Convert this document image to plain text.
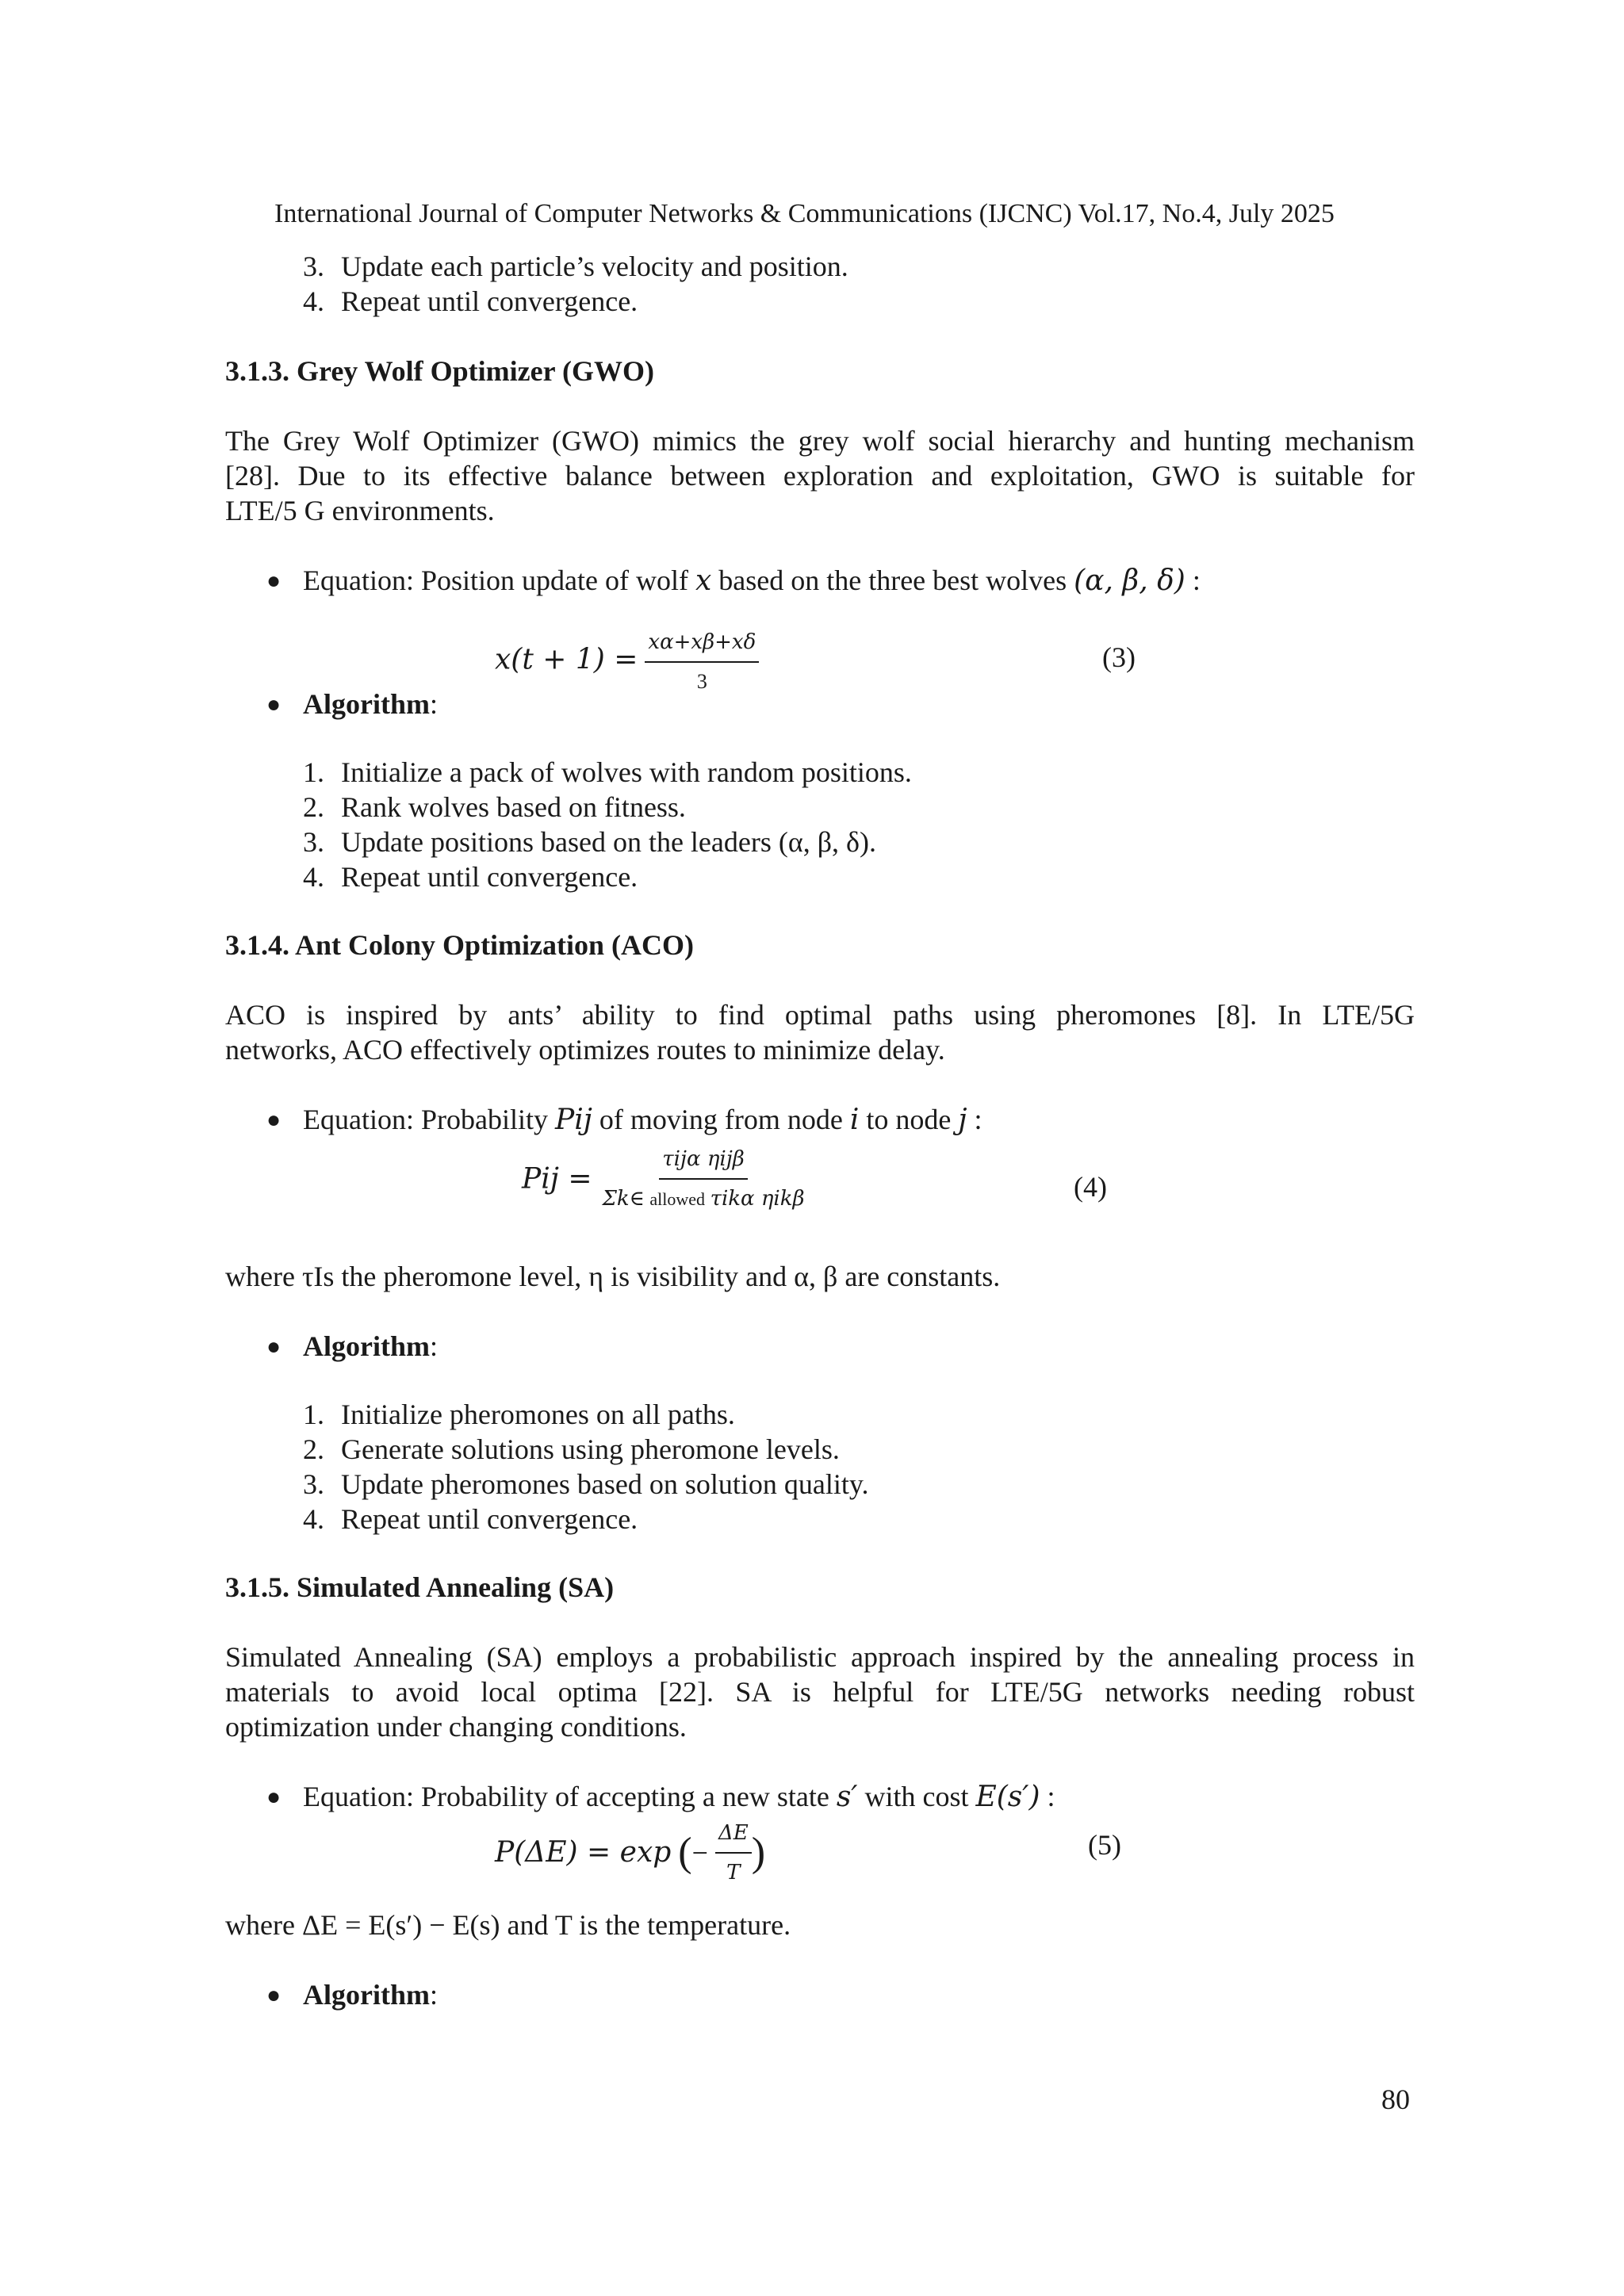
International Journal of Computer Networks & Communications (IJCNC) Vol.17, No.4, July 2025
3. Update each particle’s velocity and position.
4. Repeat until convergence.
3.1.3. Grey Wolf Optimizer (GWO)
The Grey Wolf Optimizer (GWO) mimics the grey wolf social hierarchy and hunting mechanism
[28]. Due to its effective balance between exploration and exploitation, GWO is suitable for
LTE/5 G environments.
● Equation: Position update of wolf x based on the three best wolves (α, β, δ) :
$x(t + 1) = \frac{x\alpha+x\beta+x\delta}{3}$	(3)
● Algorithm:
1. Initialize a pack of wolves with random positions.
2. Rank wolves based on fitness.
3. Update positions based on the leaders (α, β, δ).
4. Repeat until convergence.
3.1.4. Ant Colony Optimization (ACO)
ACO is inspired by ants’ ability to find optimal paths using pheromones [8]. In LTE/5G
networks, ACO effectively optimizes routes to minimize delay.
● Equation: Probability Pij of moving from node i to node j :
Pij = $\frac{\text{τijα ηijβ}}{\text{Σk∈ allowed τikα ηikβ}}$	(4)
where τIs the pheromone level, η is visibility and α, β are constants.
● Algorithm:
1. Initialize pheromones on all paths.
2. Generate solutions using pheromone levels.
3. Update pheromones based on solution quality.
4. Repeat until convergence.
3.1.5. Simulated Annealing (SA)
Simulated Annealing (SA) employs a probabilistic approach inspired by the annealing process in
materials to avoid local optima [22]. SA is helpful for LTE/5G networks needing robust
optimization under changing conditions.
● Equation: Probability of accepting a new state s′ with cost E(s′) :
P(ΔE) = exp (− $\frac{\Delta E}{T}$ )	(5)
where ΔE = E(s′) − E(s) and T is the temperature.
● Algorithm:
80
